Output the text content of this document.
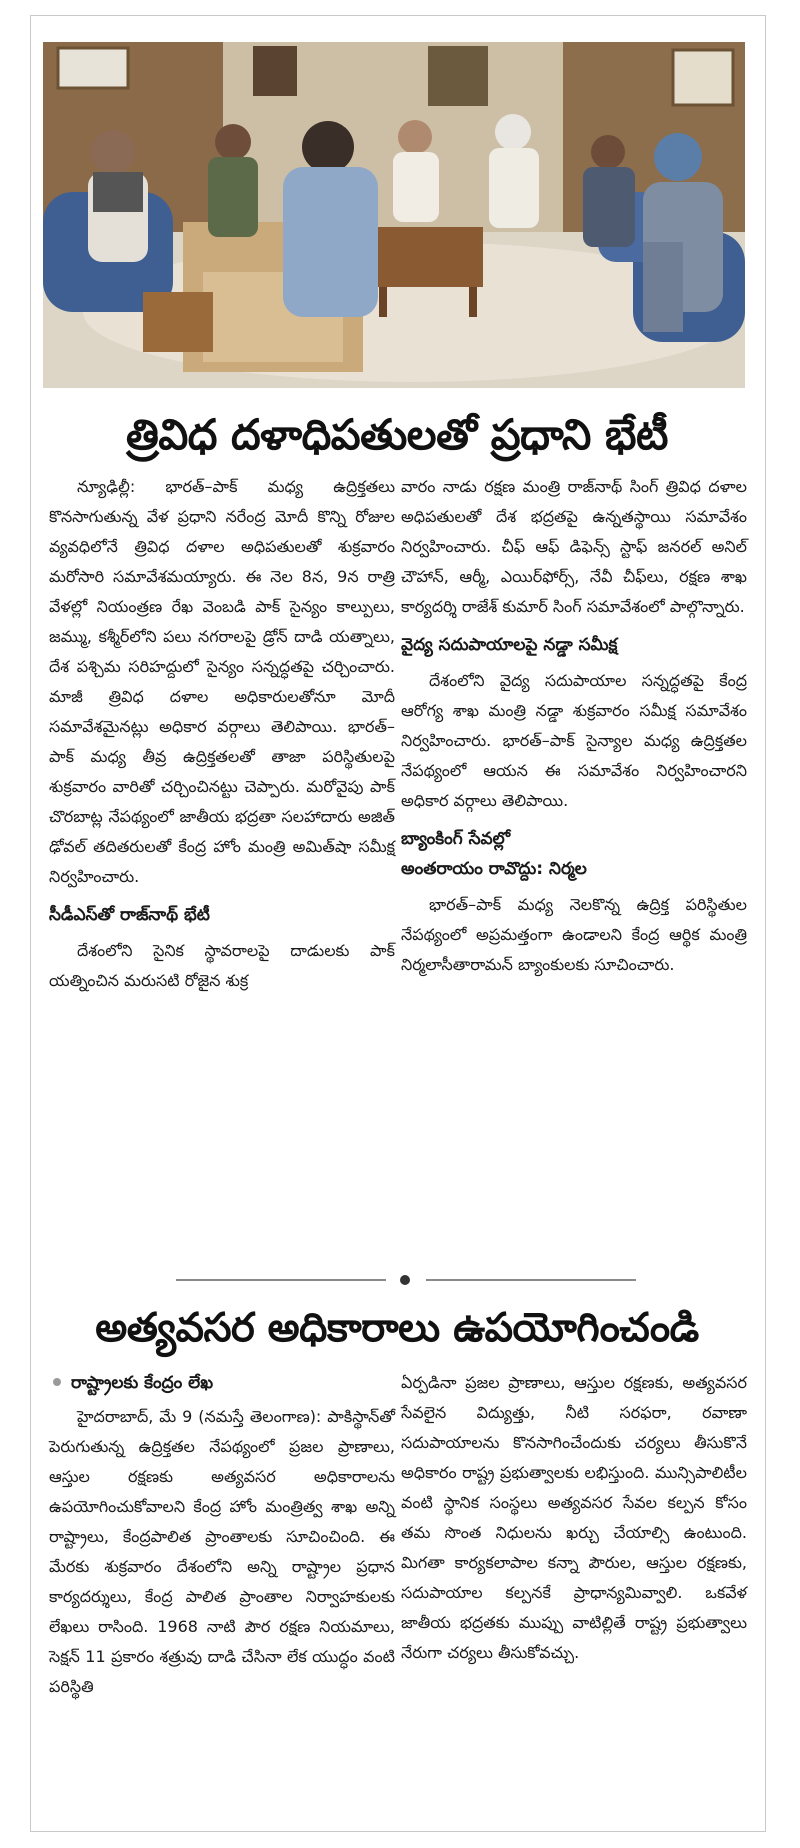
త్రివిధ దళాధిపతులతో ప్రధాని భేటీ

న్యూఢిల్లీ: భారత్–పాక్ మధ్య ఉద్రిక్తతలు కొనసాగుతున్న వేళ ప్రధాని నరేంద్ర మోదీ కొన్ని రోజుల వ్యవధిలోనే త్రివిధ దళాల అధిపతులతో శుక్రవారం మరోసారి సమావేశమయ్యారు. ఈ నెల 8న, 9న రాత్రి వేళల్లో నియంత్రణ రేఖ వెంబడి పాక్ సైన్యం కాల్పులు, జమ్ము, కశ్మీర్‌లోని పలు నగరాలపై డ్రోన్ దాడి యత్నాలు, దేశ పశ్చిమ సరిహద్దులో సైన్యం సన్నద్ధతపై చర్చించారు. మాజీ త్రివిధ దళాల అధికారులతోనూ మోదీ సమావేశమైనట్లు అధికార వర్గాలు తెలిపాయి. భారత్–పాక్ మధ్య తీవ్ర ఉద్రిక్తతలతో తాజా పరిస్థితులపై శుక్రవారం వారితో చర్చించినట్టు చెప్పారు. మరోవైపు పాక్ చొరబాట్ల నేపథ్యంలో జాతీయ భద్రతా సలహాదారు అజిత్ ఢోవల్ తదితరులతో కేంద్ర హోం మంత్రి అమిత్‌షా సమీక్ష నిర్వహించారు.

సీడీఎస్‌తో రాజ్‌నాథ్ భేటీ

దేశంలోని సైనిక స్థావరాలపై దాడులకు పాక్ యత్నించిన మరుసటి రోజైన శుక్ర

వారం నాడు రక్షణ మంత్రి రాజ్‌నాథ్ సింగ్ త్రివిధ దళాల అధిపతులతో దేశ భద్రతపై ఉన్నతస్థాయి సమావేశం నిర్వహించారు. చీఫ్ ఆఫ్ డిఫెన్స్ స్టాఫ్ జనరల్ అనిల్ చౌహాన్, ఆర్మీ, ఎయిర్‌ఫోర్స్, నేవీ చీఫ్‌లు, రక్షణ శాఖ కార్యదర్శి రాజేశ్ కుమార్ సింగ్ సమావేశంలో పాల్గొన్నారు.

వైద్య సదుపాయాలపై నడ్డా సమీక్ష

దేశంలోని వైద్య సదుపాయాల సన్నద్ధతపై కేంద్ర ఆరోగ్య శాఖ మంత్రి నడ్డా శుక్రవారం సమీక్ష సమావేశం నిర్వహించారు. భారత్–పాక్ సైన్యాల మధ్య ఉద్రిక్తతల నేపథ్యంలో ఆయన ఈ సమావేశం నిర్వహించారని అధికార వర్గాలు తెలిపాయి.

బ్యాంకింగ్ సేవల్లో
అంతరాయం రావొద్దు: నిర్మల

భారత్–పాక్ మధ్య నెలకొన్న ఉద్రిక్త పరిస్థితుల నేపథ్యంలో అప్రమత్తంగా ఉండాలని కేంద్ర ఆర్థిక మంత్రి నిర్మలాసీతారామన్ బ్యాంకులకు సూచించారు.

అత్యవసర అధికారాలు ఉపయోగించండి
రాష్ట్రాలకు కేంద్రం లేఖ

హైదరాబాద్, మే 9 (నమస్తే తెలంగాణ): పాకిస్థాన్‌తో పెరుగుతున్న ఉద్రిక్తతల నేపథ్యంలో ప్రజల ప్రాణాలు, ఆస్తుల రక్షణకు అత్యవసర అధికారాలను ఉపయోగించుకోవాలని కేంద్ర హోం మంత్రిత్వ శాఖ అన్ని రాష్ట్రాలు, కేంద్రపాలిత ప్రాంతాలకు సూచించింది. ఈ మేరకు శుక్రవారం దేశంలోని అన్ని రాష్ట్రాల ప్రధాన కార్యదర్శులు, కేంద్ర పాలిత ప్రాంతాల నిర్వాహకులకు లేఖలు రాసింది. 1968 నాటి పౌర రక్షణ నియమాలు, సెక్షన్ 11 ప్రకారం శత్రువు దాడి చేసినా లేక యుద్ధం వంటి పరిస్థితి

ఏర్పడినా ప్రజల ప్రాణాలు, ఆస్తుల రక్షణకు, అత్యవసర సేవలైన విద్యుత్తు, నీటి సరఫరా, రవాణా సదుపాయాలను కొనసాగించేందుకు చర్యలు తీసుకొనే అధికారం రాష్ట్ర ప్రభుత్వాలకు లభిస్తుంది. మున్సిపాలిటీల వంటి స్థానిక సంస్థలు అత్యవసర సేవల కల్పన కోసం తమ సొంత నిధులను ఖర్చు చేయాల్సి ఉంటుంది. మిగతా కార్యకలాపాల కన్నా పౌరుల, ఆస్తుల రక్షణకు, సదుపాయాల కల్పనకే ప్రాధాన్యమివ్వాలి. ఒకవేళ జాతీయ భద్రతకు ముప్పు వాటిల్లితే రాష్ట్ర ప్రభుత్వాలు నేరుగా చర్యలు తీసుకోవచ్చు.
